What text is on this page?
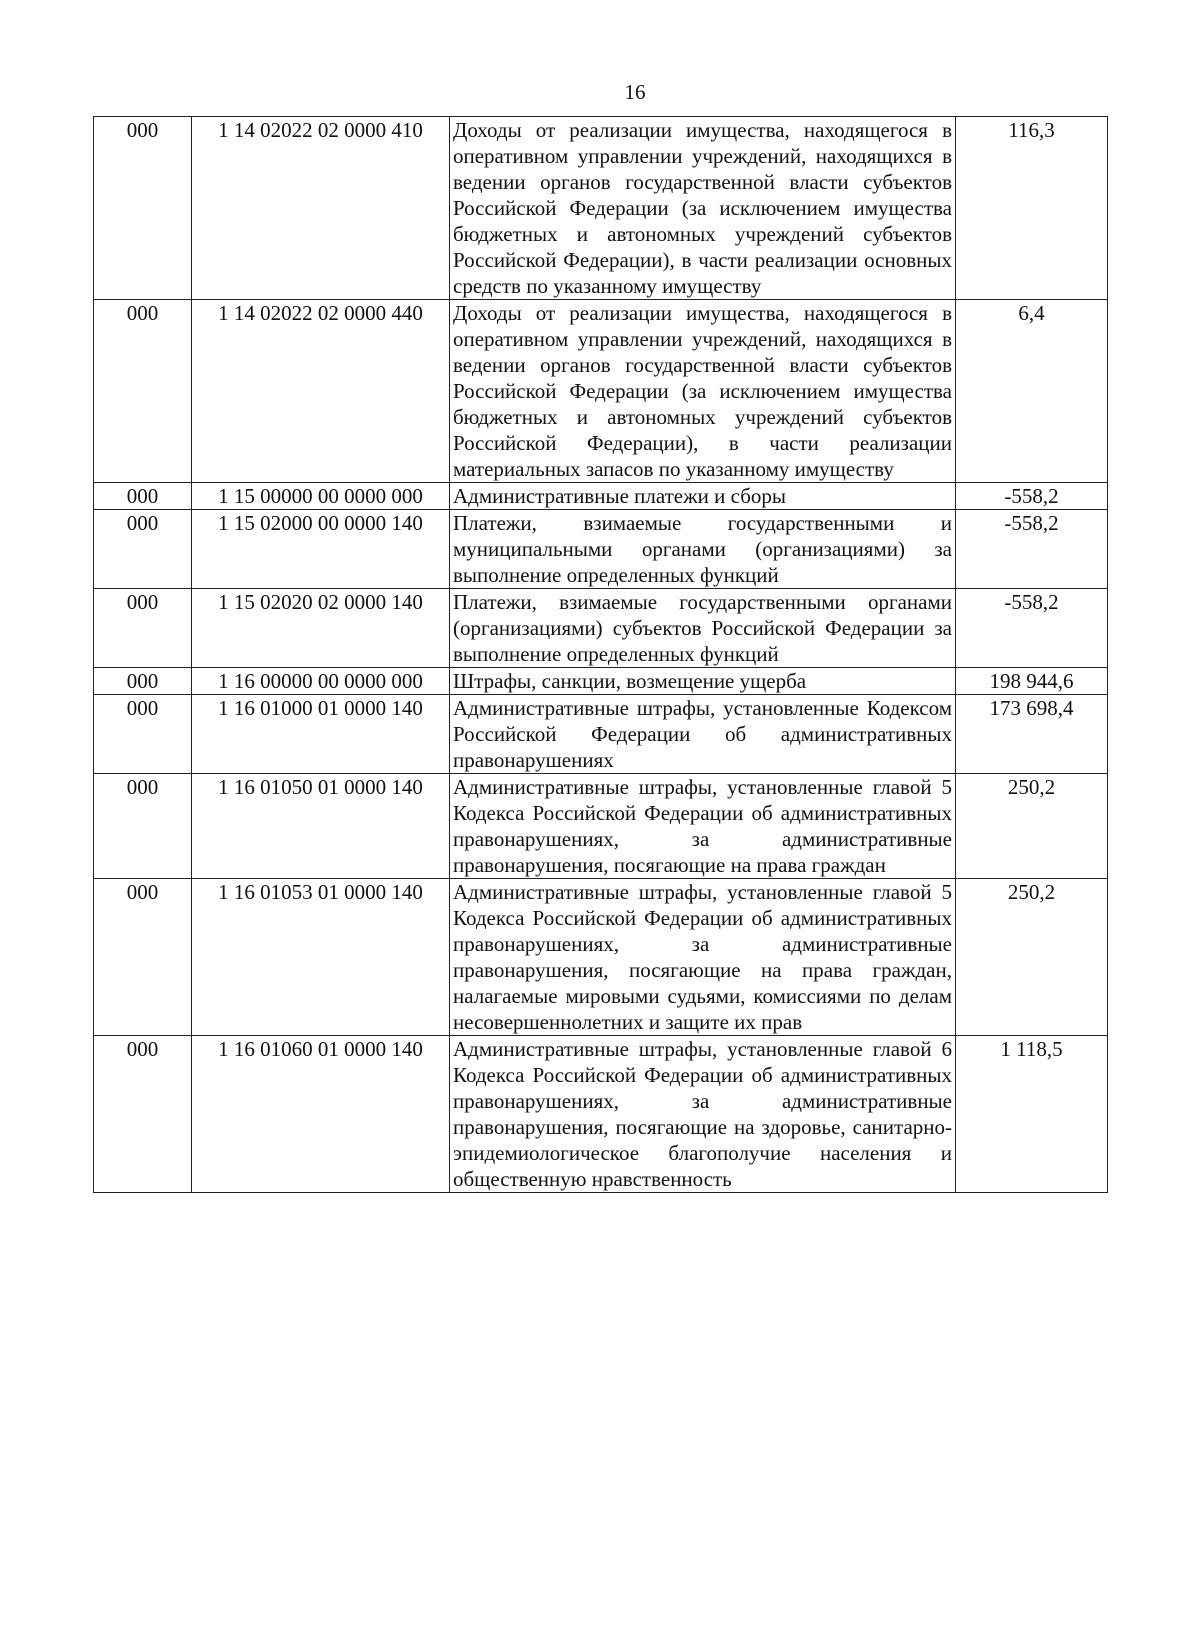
16
000	1 14 02022 02 0000 410	Доходы от реализации имущества, находящегося в оперативном управлении учреждений, находящихся в ведении органов государственной власти субъектов Российской Федерации (за исключением имущества бюджетных и автономных учреждений субъектов Российской Федерации), в части реализации основных средств по указанному имуществу	116,3
000	1 14 02022 02 0000 440	Доходы от реализации имущества, находящегося в оперативном управлении учреждений, находящихся в ведении органов государственной власти субъектов Российской Федерации (за исключением имущества бюджетных и автономных учреждений субъектов Российской Федерации), в части реализации материальных запасов по указанному имуществу	6,4
000	1 15 00000 00 0000 000	Административные платежи и сборы	-558,2
000	1 15 02000 00 0000 140	Платежи, взимаемые государственными и муниципальными органами (организациями) за выполнение определенных функций	-558,2
000	1 15 02020 02 0000 140	Платежи, взимаемые государственными органами (организациями) субъектов Российской Федерации за выполнение определенных функций	-558,2
000	1 16 00000 00 0000 000	Штрафы, санкции, возмещение ущерба	198 944,6
000	1 16 01000 01 0000 140	Административные штрафы, установленные Кодексом Российской Федерации об административных правонарушениях	173 698,4
000	1 16 01050 01 0000 140	Административные штрафы, установленные главой 5 Кодекса Российской Федерации об административных правонарушениях, за административные правонарушения, посягающие на права граждан	250,2
000	1 16 01053 01 0000 140	Административные штрафы, установленные главой 5 Кодекса Российской Федерации об административных правонарушениях, за административные правонарушения, посягающие на права граждан, налагаемые мировыми судьями, комиссиями по делам несовершеннолетних и защите их прав	250,2
000	1 16 01060 01 0000 140	Административные штрафы, установленные главой 6 Кодекса Российской Федерации об административных правонарушениях, за административные правонарушения, посягающие на здоровье, санитарно-эпидемиологическое благополучие населения и общественную нравственность	1 118,5
